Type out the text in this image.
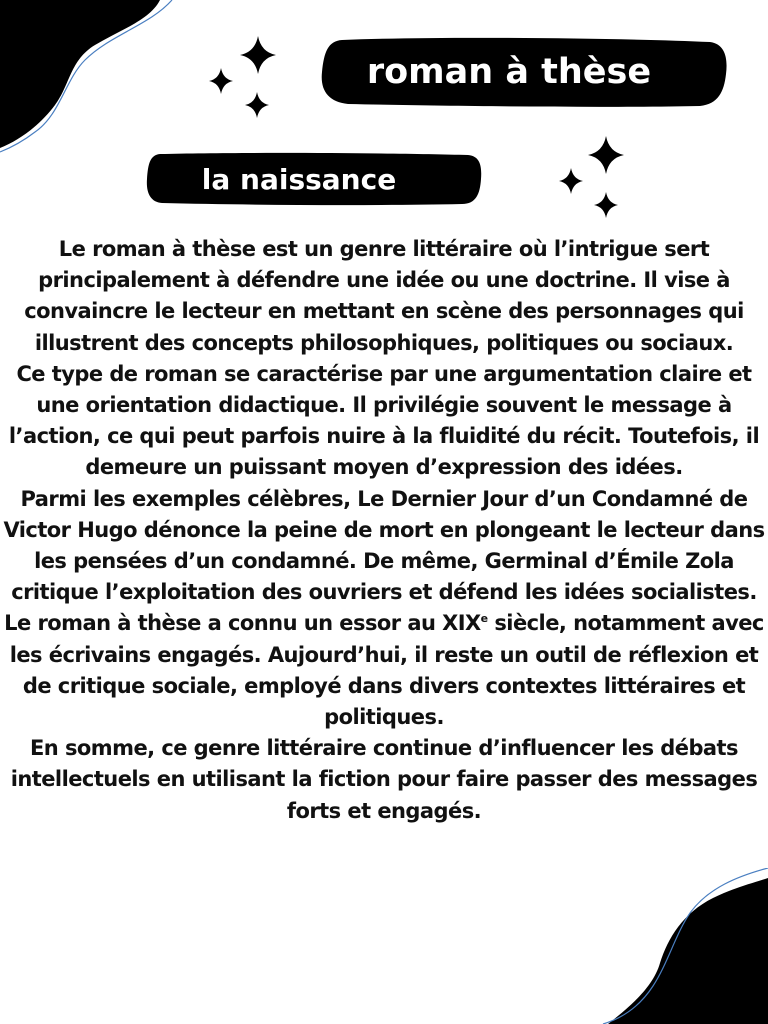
roman à thèse
la naissance

Le roman à thèse est un genre littéraire où l’intrigue sert principalement à défendre une idée ou une doctrine. Il vise à convaincre le lecteur en mettant en scène des personnages qui illustrent des concepts philosophiques, politiques ou sociaux.

Ce type de roman se caractérise par une argumentation claire et une orientation didactique. Il privilégie souvent le message à l’action, ce qui peut parfois nuire à la fluidité du récit. Toutefois, il demeure un puissant moyen d’expression des idées.

Parmi les exemples célèbres, Le Dernier Jour d’un Condamné de Victor Hugo dénonce la peine de mort en plongeant le lecteur dans les pensées d’un condamné. De même, Germinal d’Émile Zola critique l’exploitation des ouvriers et défend les idées socialistes.

Le roman à thèse a connu un essor au XIXe siècle, notamment avec les écrivains engagés. Aujourd’hui, il reste un outil de réflexion et de critique sociale, employé dans divers contextes littéraires et politiques.

En somme, ce genre littéraire continue d’influencer les débats intellectuels en utilisant la fiction pour faire passer des messages forts et engagés.
